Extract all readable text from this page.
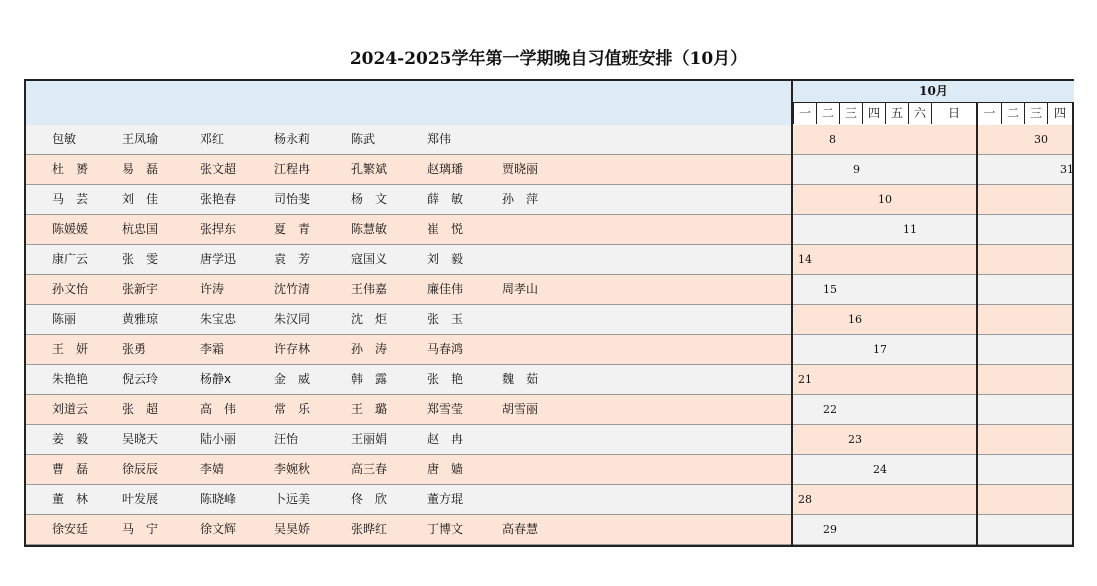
2024-2025学年第一学期晚自习值班安排（10月）
10月
一 二 三 四 五 六	日	一 二 三 四
包敏	王凤瑜	邓红	杨永莉	陈武	郑伟	8	30
杜　赟	易　磊	张文超	江程冉	孔繁斌	赵璃璠	贾晓丽	9	31
马　芸	刘　佳	张艳春	司怡斐	杨　文	薛　敏	孙　萍	10
陈媛媛	杭忠国	张捍东	夏　青	陈慧敏	崔　悦	11
康广云	张　雯	唐学迅	袁　芳	寇国义	刘　毅	14
孙文怡	张新宇	许涛	沈竹清	王伟嘉	廉佳伟	周孝山	15
陈丽	黄雅琼	朱宝忠	朱汉同	沈　炬	张　玉	16
王　妍	张勇	李霜	许存林	孙　涛	马春鸿	17
朱艳艳	倪云玲	杨静x	金　威	韩　露	张　艳	魏　茹	21
刘道云	张　超	高　伟	常　乐	王　璐	郑雪莹	胡雪丽	22
姜　毅	吴晓天	陆小丽	汪怡	王丽娟	赵　冉	23
曹　磊	徐辰辰	李婧	李婉秋	高三春	唐　嫱	24
董　林	叶发展	陈晓峰	卜远美	佟　欣	董方琨	28
徐安廷	马　宁	徐文辉	吴昊娇	张晔红	丁博文	高春慧	29
